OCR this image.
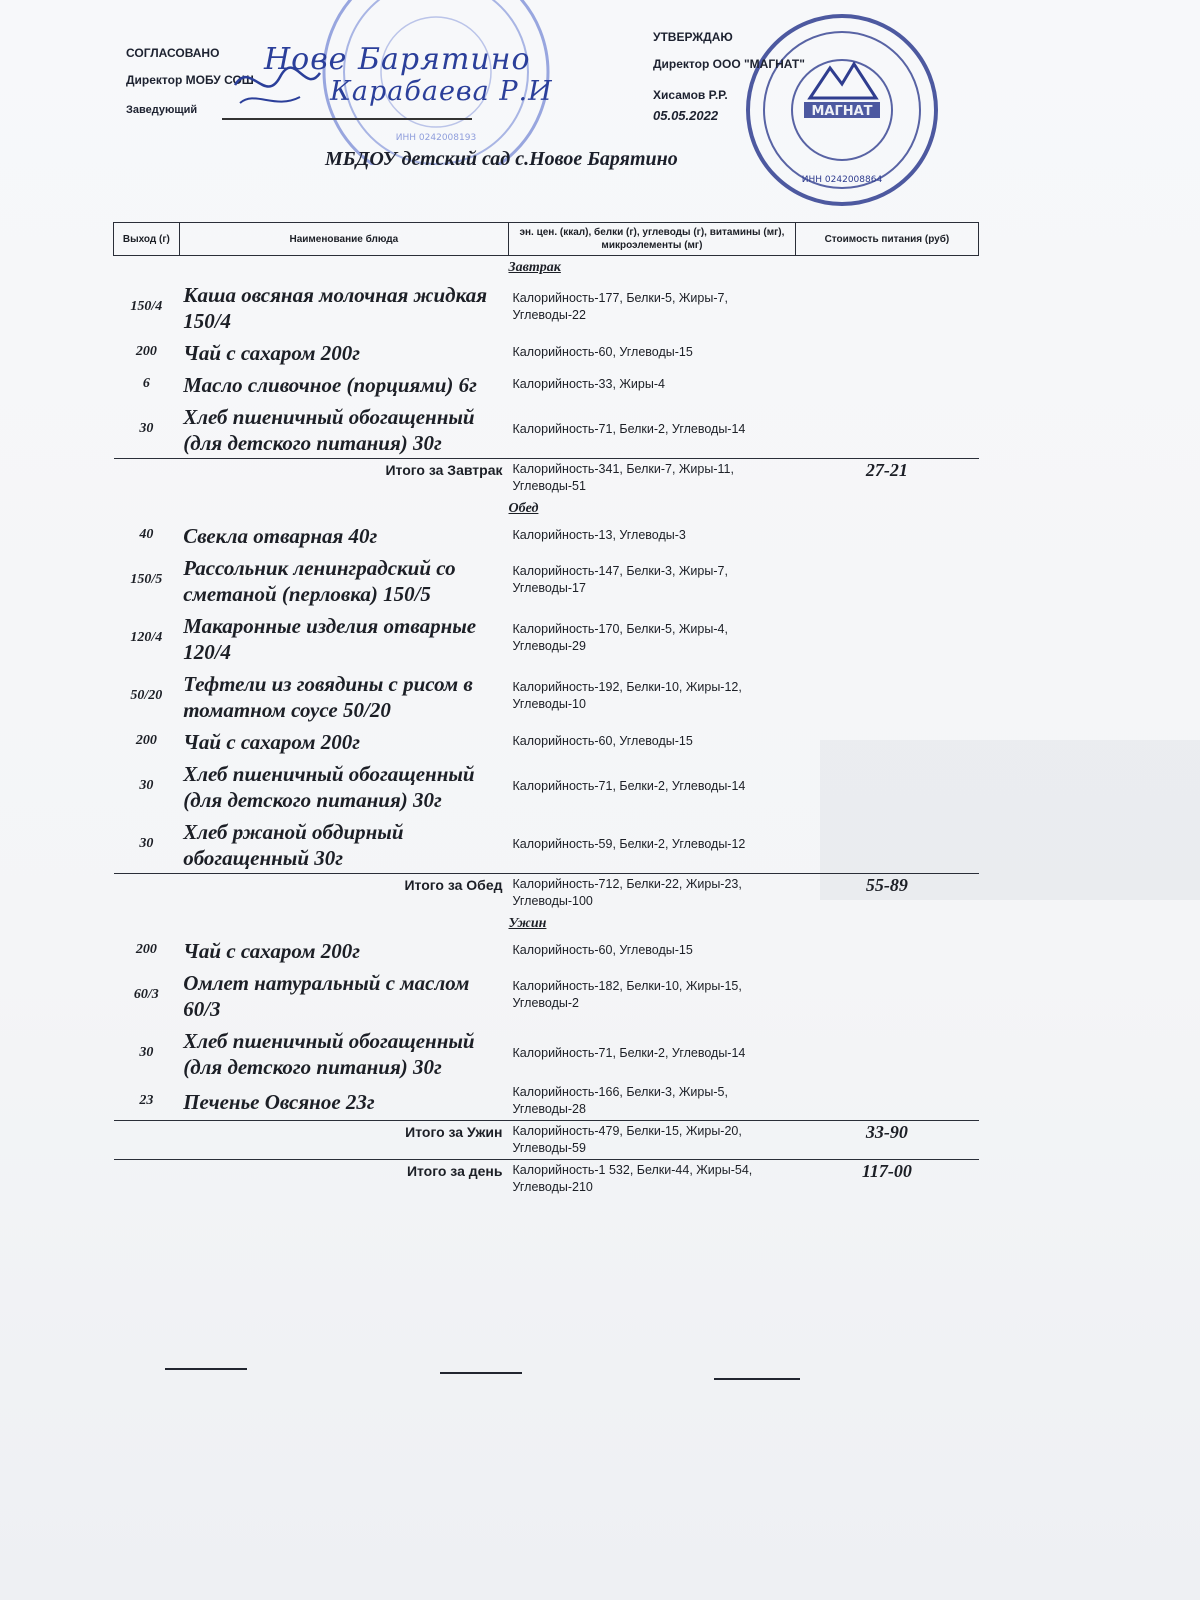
ИНН 0242008193
МАГНАТ
ИНН 0242008864
СОГЛАСОВАНО
Директор МОБУ СОШ
Заведующий
Нове Барятино
Карабаева Р.И
УТВЕРЖДАЮ
Директор ООО "МАГНАТ"
Хисамов Р.Р.
05.05.2022
МБДОУ детский сад с.Новое Барятино
Выход (г)	Наименование блюда	эн. цен. (ккал), белки (г), углеводы (г), витамины (мг), микроэлементы (мг)	Стоимость питания (руб)
		Завтрак	
150/4	Каша овсяная молочная жидкая 150/4	Калорийность-177, Белки-5, Жиры-7, Углеводы-22	
200	Чай с сахаром 200г	Калорийность-60, Углеводы-15	
6	Масло сливочное (порциями) 6г	Калорийность-33, Жиры-4	
30	Хлеб пшеничный обогащенный (для детского питания) 30г	Калорийность-71, Белки-2, Углеводы-14	
Итого за Завтрак		Калорийность-341, Белки-7, Жиры-11, Углеводы-51	27-21
		Обед	
40	Свекла отварная 40г	Калорийность-13, Углеводы-3	
150/5	Рассольник ленинградский со сметаной (перловка) 150/5	Калорийность-147, Белки-3, Жиры-7, Углеводы-17	
120/4	Макаронные изделия отварные 120/4	Калорийность-170, Белки-5, Жиры-4, Углеводы-29	
50/20	Тефтели из говядины с рисом в томатном соусе 50/20	Калорийность-192, Белки-10, Жиры-12, Углеводы-10	
200	Чай с сахаром 200г	Калорийность-60, Углеводы-15	
30	Хлеб пшеничный обогащенный (для детского питания) 30г	Калорийность-71, Белки-2, Углеводы-14	
30	Хлеб ржаной обдирный обогащенный 30г	Калорийность-59, Белки-2, Углеводы-12	
Итого за Обед		Калорийность-712, Белки-22, Жиры-23, Углеводы-100	55-89
		Ужин	
200	Чай с сахаром 200г	Калорийность-60, Углеводы-15	
60/3	Омлет натуральный с маслом 60/3	Калорийность-182, Белки-10, Жиры-15, Углеводы-2	
30	Хлеб пшеничный обогащенный (для детского питания) 30г	Калорийность-71, Белки-2, Углеводы-14	
23	Печенье Овсяное 23г	Калорийность-166, Белки-3, Жиры-5, Углеводы-28	
Итого за Ужин		Калорийность-479, Белки-15, Жиры-20, Углеводы-59	33-90
Итого за день		Калорийность-1 532, Белки-44, Жиры-54, Углеводы-210	117-00
